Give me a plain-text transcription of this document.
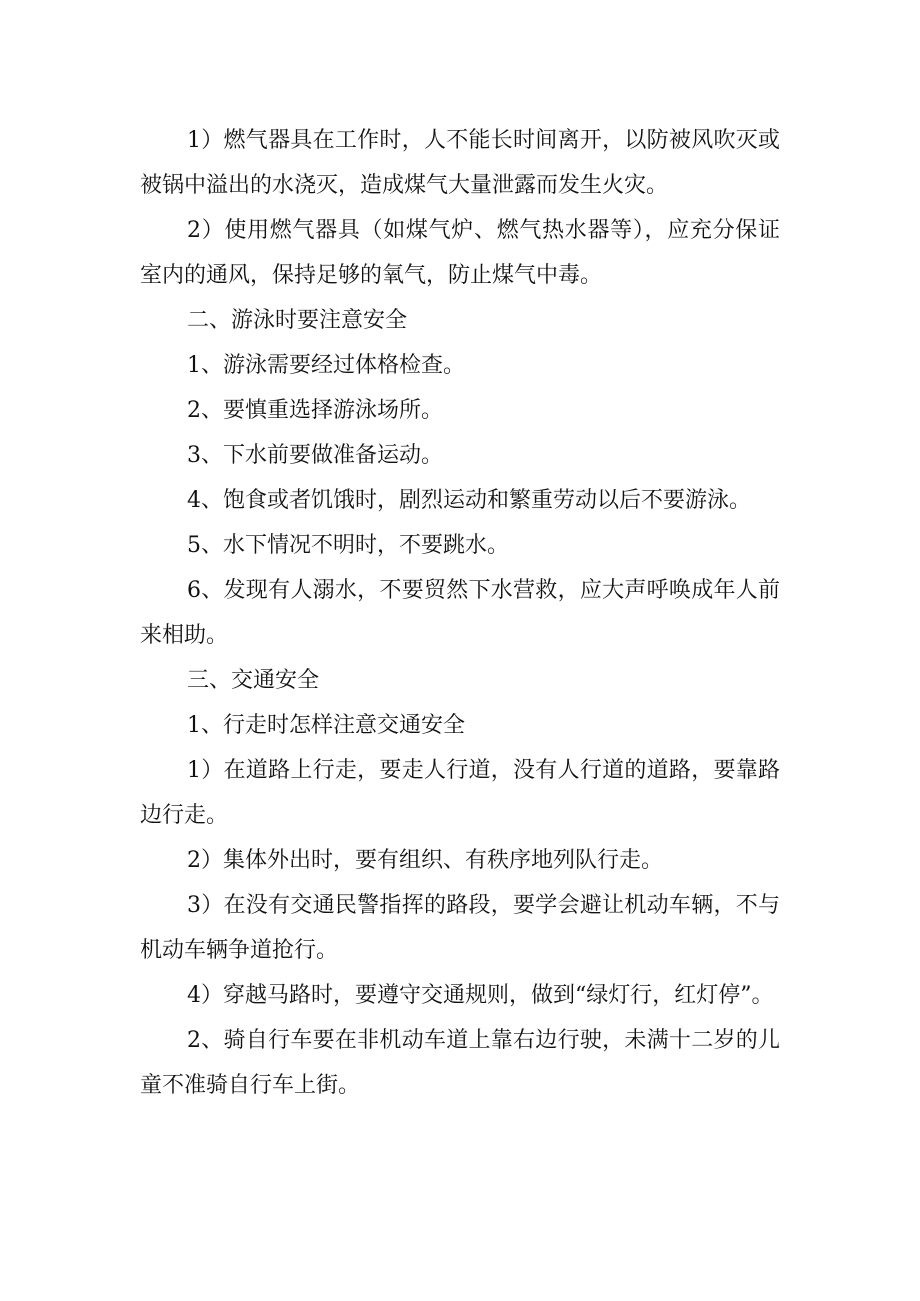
1）燃气器具在工作时，人不能长时间离开，以防被风吹灭或被锅中溢出的水浇灭，造成煤气大量泄露而发生火灾。

2）使用燃气器具（如煤气炉、燃气热水器等），应充分保证室内的通风，保持足够的氧气，防止煤气中毒。

二、游泳时要注意安全

1、游泳需要经过体格检查。

2、要慎重选择游泳场所。

3、下水前要做准备运动。

4、饱食或者饥饿时，剧烈运动和繁重劳动以后不要游泳。

5、水下情况不明时，不要跳水。

6、发现有人溺水，不要贸然下水营救，应大声呼唤成年人前来相助。

三、交通安全

1、行走时怎样注意交通安全

1）在道路上行走，要走人行道，没有人行道的道路，要靠路边行走。

2）集体外出时，要有组织、有秩序地列队行走。

3）在没有交通民警指挥的路段，要学会避让机动车辆，不与机动车辆争道抢行。

4）穿越马路时，要遵守交通规则，做到“绿灯行，红灯停”。

2、骑自行车要在非机动车道上靠右边行驶，未满十二岁的儿童不准骑自行车上街。
